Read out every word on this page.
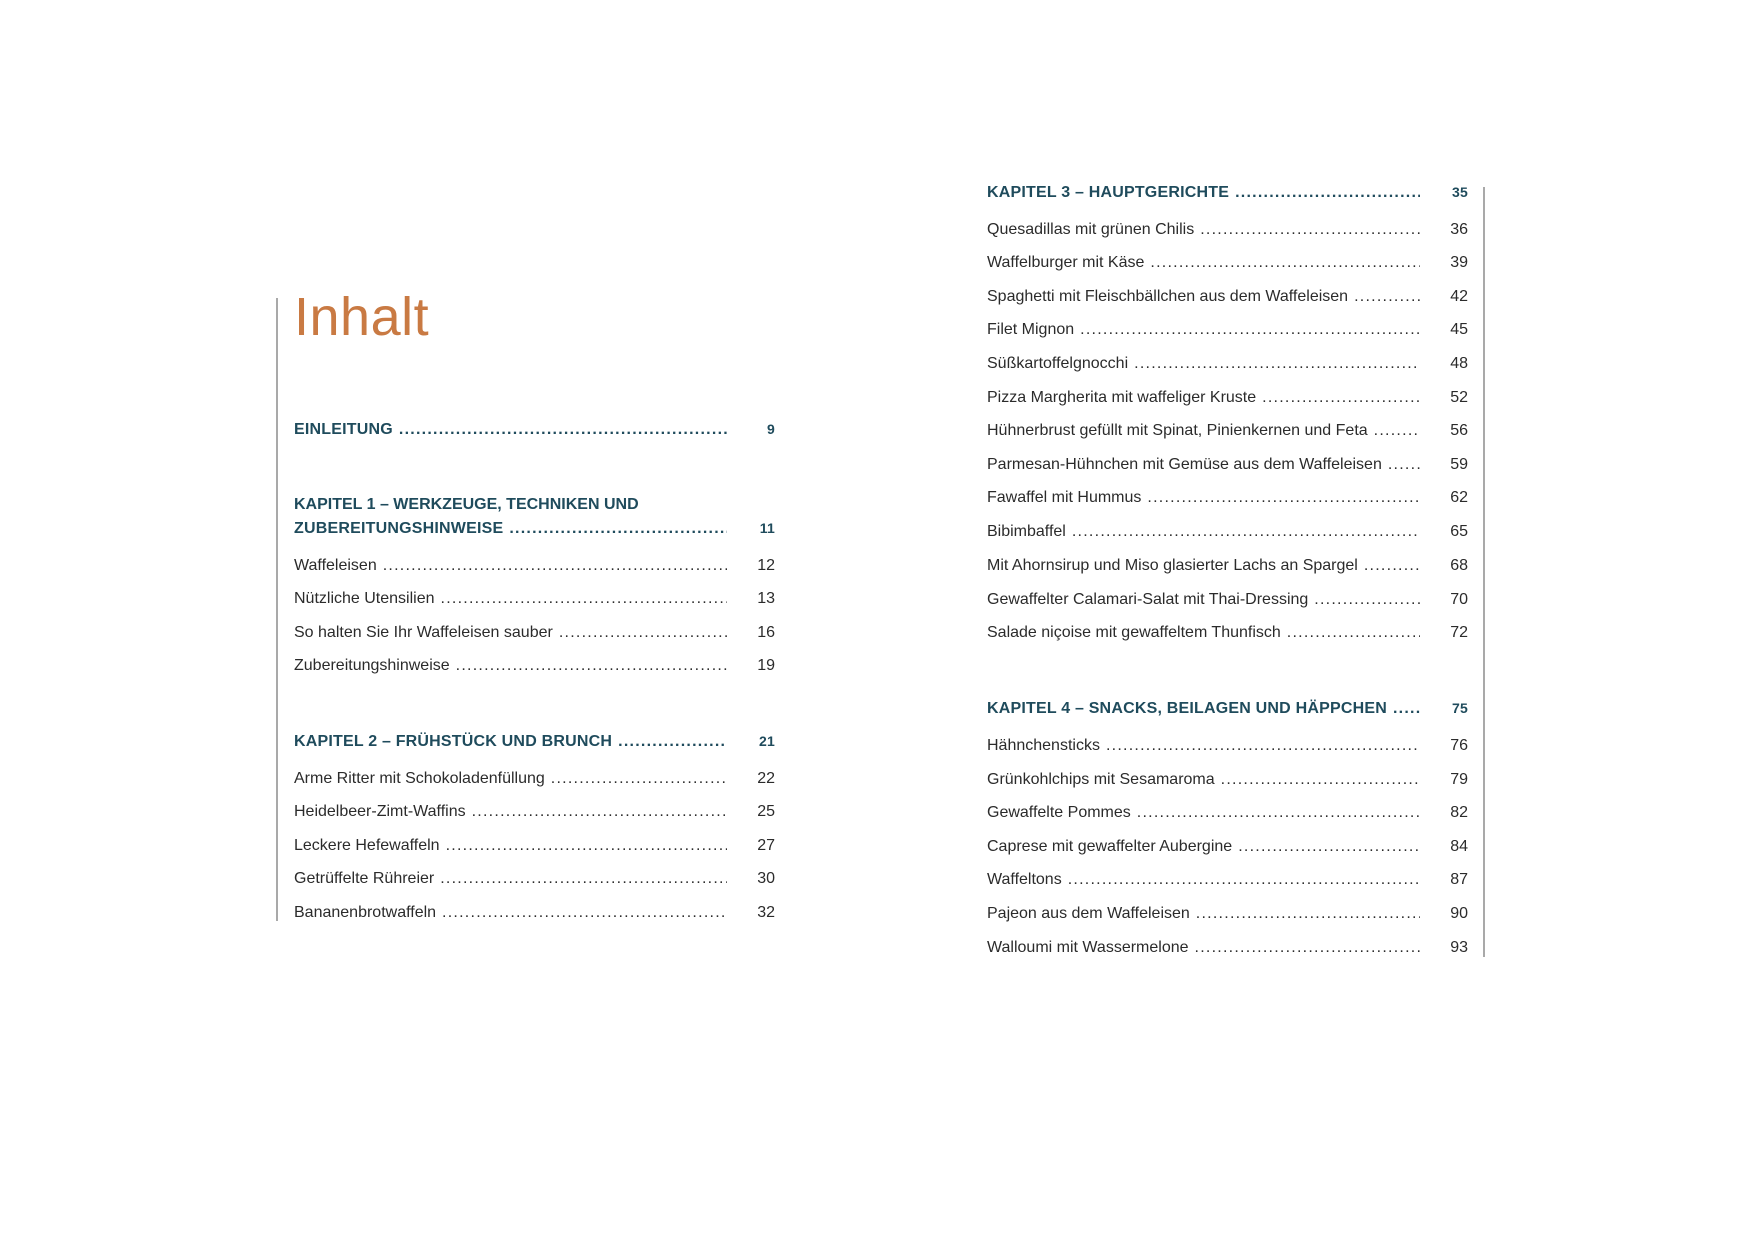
Inhalt
EINLEITUNG . . .	9
KAPITEL 1 – WERKZEUGE, TECHNIKEN UND
ZUBEREITUNGSHINWEISE . . .	11
Waffeleisen . . .	12
Nützliche Utensilien . . .	13
So halten Sie Ihr Waffeleisen sauber . . .	16
Zubereitungshinweise . . .	19
KAPITEL 2 – FRÜHSTÜCK UND BRUNCH . . .	21
Arme Ritter mit Schokoladenfüllung . . .	22
Heidelbeer-Zimt-Waffins . . .	25
Leckere Hefewaffeln . . .	27
Getrüffelte Rühreier . . .	30
Bananenbrotwaffeln . . .	32
KAPITEL 3 – HAUPTGERICHTE . . .	35
Quesadillas mit grünen Chilis . . .	36
Waffelburger mit Käse . . .	39
Spaghetti mit Fleischbällchen aus dem Waffeleisen . . .	42
Filet Mignon . . .	45
Süßkartoffelgnocchi . . .	48
Pizza Margherita mit waffeliger Kruste . . .	52
Hühnerbrust gefüllt mit Spinat, Pinienkernen und Feta . . .	56
Parmesan-Hühnchen mit Gemüse aus dem Waffeleisen . . .	59
Fawaffel mit Hummus . . .	62
Bibimbaffel . . .	65
Mit Ahornsirup und Miso glasierter Lachs an Spargel . . .	68
Gewaffelter Calamari-Salat mit Thai-Dressing . . .	70
Salade niçoise mit gewaffeltem Thunfisch . . .	72
KAPITEL 4 – SNACKS, BEILAGEN UND HÄPPCHEN . . .	75
Hähnchensticks . . .	76
Grünkohlchips mit Sesamaroma . . .	79
Gewaffelte Pommes . . .	82
Caprese mit gewaffelter Aubergine . . .	84
Waffeltons . . .	87
Pajeon aus dem Waffeleisen . . .	90
Walloumi mit Wassermelone . . .	93
